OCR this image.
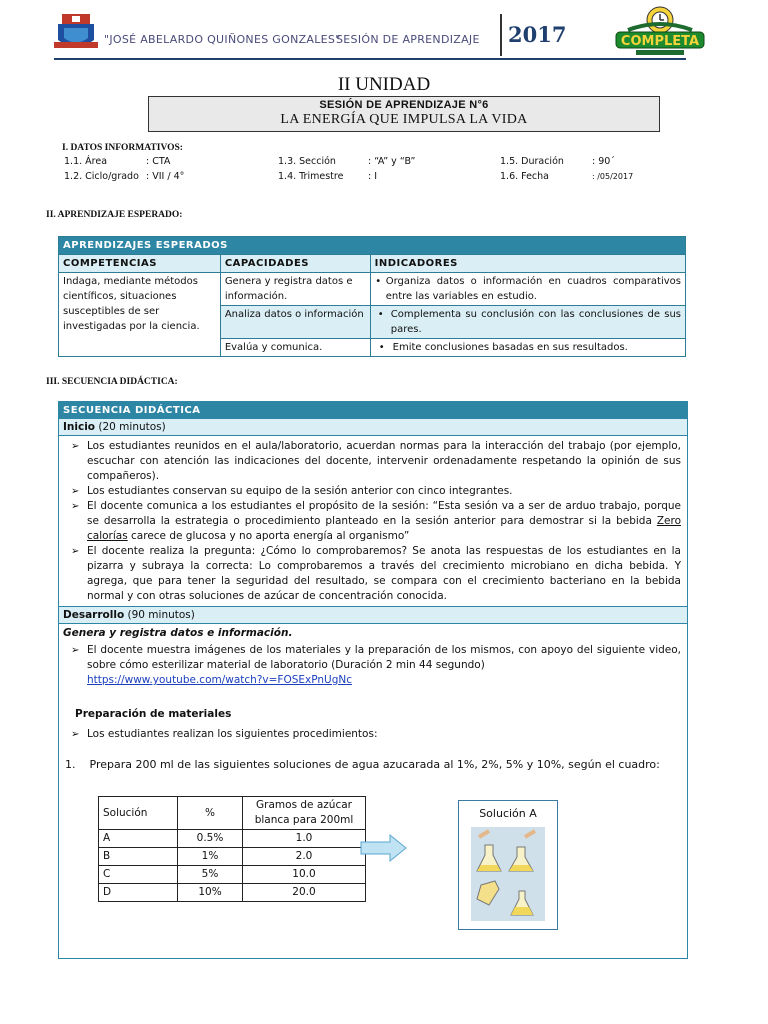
"JOSÉ ABELARDO QUIÑONES GONZALES"
SESIÓN DE APRENDIZAJE 2017	COMPLETA
II UNIDAD
SESIÓN DE APRENDIZAJE N°6
LA ENERGÍA QUE IMPULSA LA VIDA
I. DATOS INFORMATIVOS:
1.1. Área	: CTA
1.2. Ciclo/grado : VII / 4°
1.3. Sección	: “A” y “B”
1.4. Trimestre	: I
1.5. Duración	: 90´
1.6. Fecha	: /05/2017
II. APRENDIZAJE ESPERADO:
APRENDIZAJES ESPERADOS		
COMPETENCIAS	CAPACIDADES	INDICADORES
Indaga, mediante métodos científicos, situaciones susceptibles de ser investigadas por la ciencia.	Genera y registra datos e información.	• Organiza datos o información en cuadros comparativos entre las variables en estudio.

	Analiza datos o información	• Complementa su conclusión con las conclusiones de sus pares.

	Evalúa y comunica.	• Emite conclusiones basadas en sus resultados.
III. SECUENCIA DIDÁCTICA:
SECUENCIA DIDÁCTICA
Inicio (20 minutos)
➢ Los estudiantes reunidos en el aula/laboratorio, acuerdan normas para la interacción del trabajo (por ejemplo, escuchar con atención las indicaciones del docente, intervenir ordenadamente respetando la opinión de sus compañeros).
➢ Los estudiantes conservan su equipo de la sesión anterior con cinco integrantes.
➢ El docente comunica a los estudiantes el propósito de la sesión: “Esta sesión va a ser de arduo trabajo, porque se desarrolla la estrategia o procedimiento planteado en la sesión anterior para demostrar si la bebida Zero calorías carece de glucosa y no aporta energía al organismo”
➢ El docente realiza la pregunta: ¿Cómo lo comprobaremos? Se anota las respuestas de los estudiantes en la pizarra y subraya la correcta: Lo comprobaremos a través del crecimiento microbiano en dicha bebida. Y agrega, que para tener la seguridad del resultado, se compara con el crecimiento bacteriano en la bebida normal y con otras soluciones de azúcar de concentración conocida.
Desarrollo (90 minutos)
Genera y registra datos e información.
➢ El docente muestra imágenes de los materiales y la preparación de los mismos, con apoyo del siguiente video, sobre cómo esterilizar material de laboratorio (Duración 2 min 44 segundo)
https://www.youtube.com/watch?v=FOSExPnUgNc
Preparación de materiales
➢ Los estudiantes realizan los siguientes procedimientos:
1. Prepara 200 ml de las siguientes soluciones de agua azucarada al 1%, 2%, 5% y 10%, según el cuadro:
Solución	%	Gramos de azúcar blanca para 200ml
A	0.5%	1.0
B	1%	2.0
C	5%	10.0
D	10%	20.0
Solución A
